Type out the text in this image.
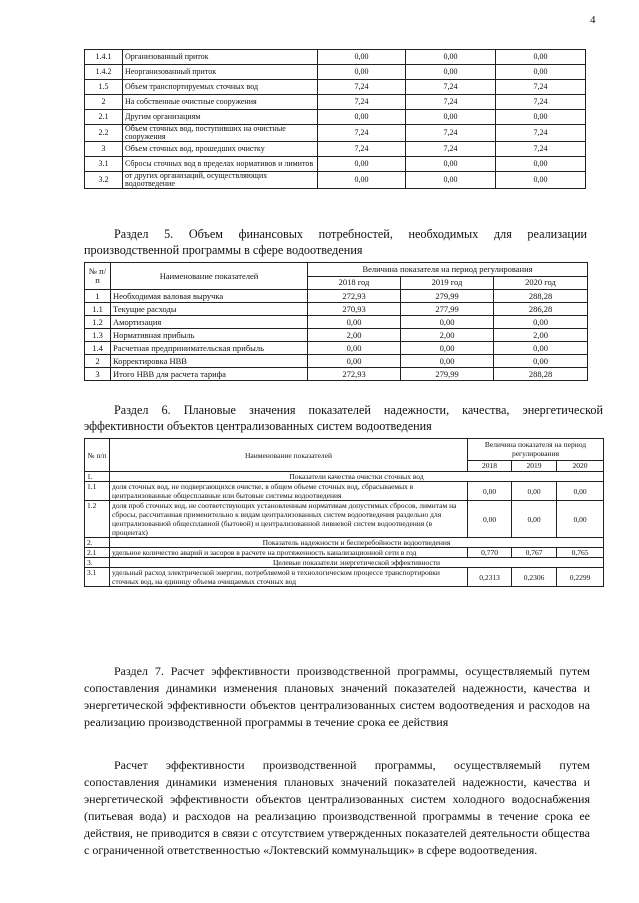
4
1.4.1	Организованный приток	0,00	0,00	0,00
1.4.2	Неорганизованный приток	0,00	0,00	0,00
1.5	Объем транспортируемых сточных вод	7,24	7,24	7,24
2	На собственные очистные сооружения	7,24	7,24	7,24
2.1	Другим организациям	0,00	0,00	0,00
2.2	Объем сточных вод, поступивших на очистные сооружения	7,24	7,24	7,24
3	Объем сточных вод, прошедших очистку	7,24	7,24	7,24
3.1	Сбросы сточных вод в пределах нормативов и лимитов	0,00	0,00	0,00
3.2	от других организаций, осуществляющих водоотведение	0,00	0,00	0,00
Раздел 5. Объем финансовых потребностей, необходимых для реализации производственной программы в сфере водоотведения
№ п/п	Наименование показателей	Величина показателя на период регулирования		
		2018 год	2019 год	2020 год
1	Необходимая валовая выручка	272,93	279,99	288,28
1.1	Текущие расходы	270,93	277,99	286,28
1.2	Амортизация	0,00	0,00	0,00
1.3	Нормативная прибыль	2,00	2,00	2,00
1.4	Расчетная предпринимательская прибыль	0,00	0,00	0,00
2	Корректировка НВВ	0,00	0,00	0,00
3	Итого НВВ для расчета тарифа	272,93	279,99	288,28
Раздел 6. Плановые значения показателей надежности, качества, энергетической эффективности объектов централизованных систем водоотведения
№ п/п	Наименование показателей	Величина показателя на период регулирования		
		2018	2019	2020
1.	Показатели качества очистки сточных вод			
1.1	доля сточных вод, не подвергающихся очистке, в общем объеме сточных вод, сбрасываемых в централизованные общесплавные или бытовые системы водоотведения	0,00	0,00	0,00
1.2	доля проб сточных вод, не соответствующих установленным нормативам допустимых сбросов, лимитам на сбросы, рассчитанная применительно к видам централизованных систем водоотведения раздельно для централизованной общесплавной (бытовой) и централизованной ливневой систем водоотведения (в процентах)	0,00	0,00	0,00
2.	Показатель надежности и бесперебойности водоотведения			
2.1	удельное количество аварий и засоров в расчете на протяженность канализационной сети в год	0,770	0,767	0,765
3.	Целевые показатели энергетической эффективности			
3.1	удельный расход электрической энергии, потребляемой в технологическом процессе транспортировки сточных вод, на единицу объема очищаемых сточных вод	0,2313	0,2306	0,2299
Раздел 7. Расчет эффективности производственной программы, осуществляемый путем сопоставления динамики изменения плановых значений показателей надежности, качества и энергетической эффективности объектов централизованных систем водоотведения и расходов на реализацию производственной программы в течение срока ее действия
Расчет эффективности производственной программы, осуществляемый путем сопоставления динамики изменения плановых значений показателей надежности, качества и энергетической эффективности объектов централизованных систем холодного водоснабжения (питьевая вода) и расходов на реализацию производственной программы в течение срока ее действия, не приводится в связи с отсутствием утвержденных показателей деятельности общества с ограниченной ответственностью «Локтевский коммунальщик» в сфере водоотведения.
